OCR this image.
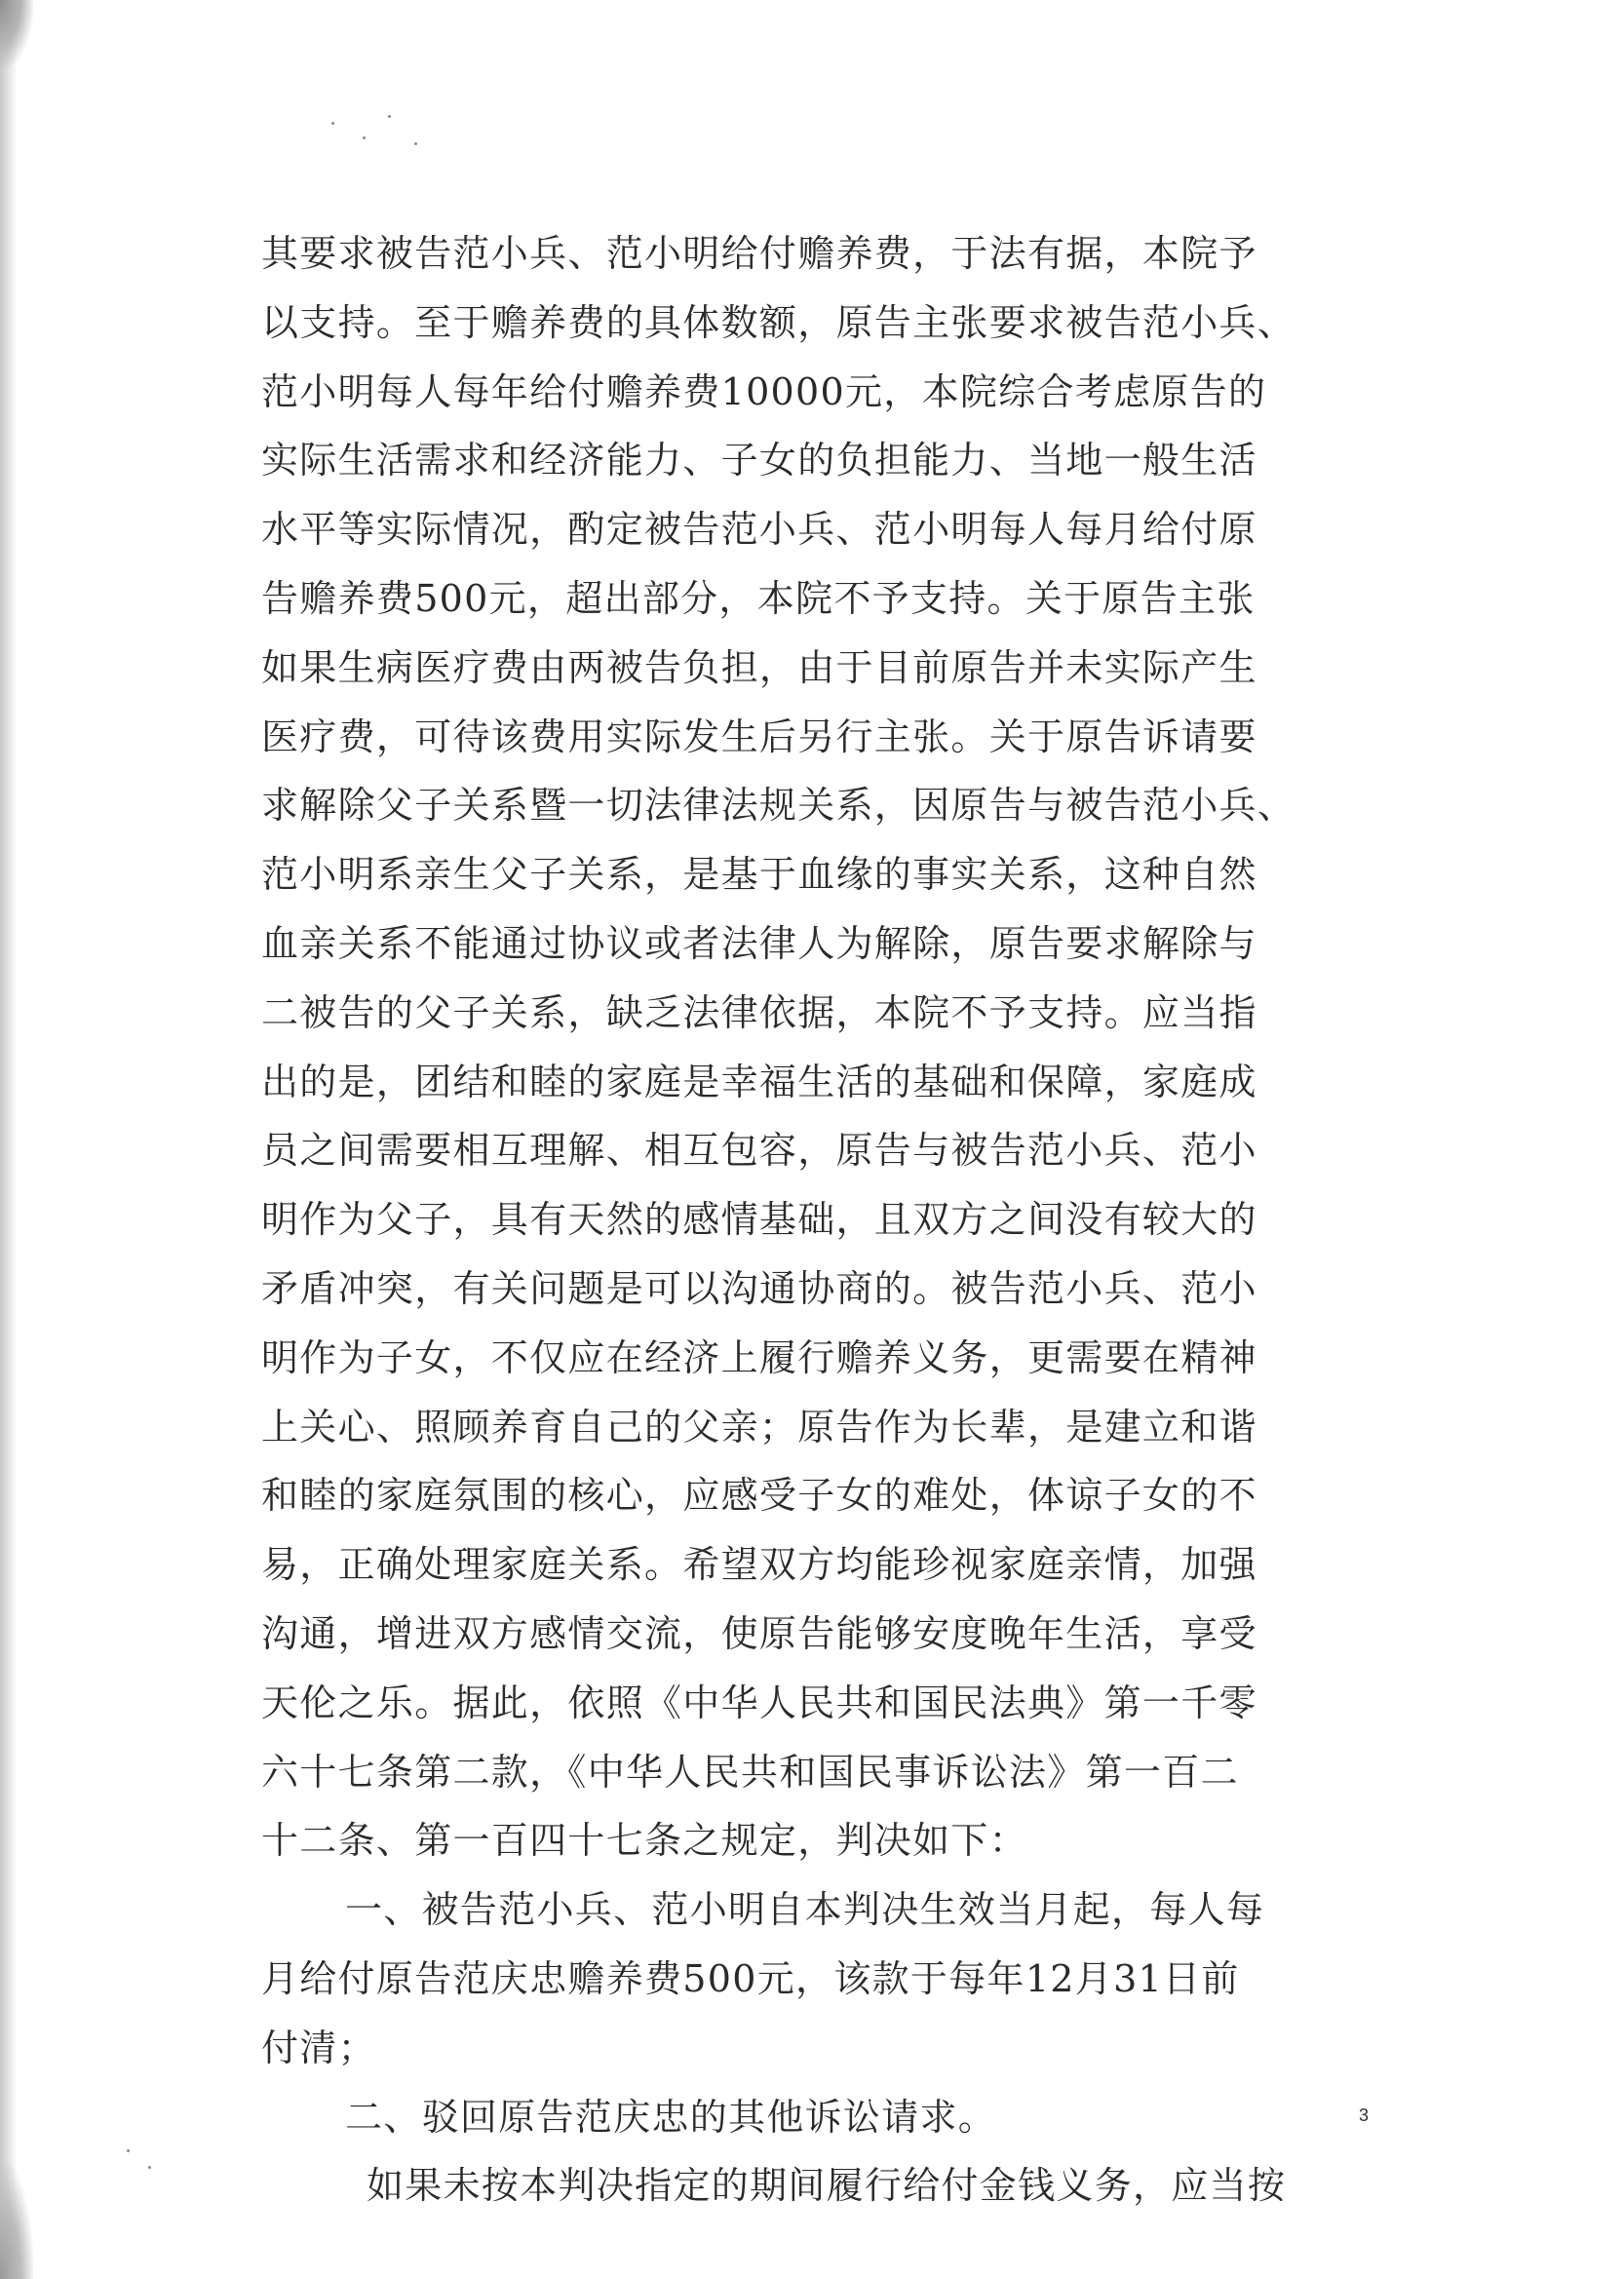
其要求被告范小兵、范小明给付赡养费，于法有据，本院予
以支持。至于赡养费的具体数额，原告主张要求被告范小兵、
范小明每人每年给付赡养费10000元，本院综合考虑原告的
实际生活需求和经济能力、子女的负担能力、当地一般生活
水平等实际情况，酌定被告范小兵、范小明每人每月给付原
告赡养费500元，超出部分，本院不予支持。关于原告主张
如果生病医疗费由两被告负担，由于目前原告并未实际产生
医疗费，可待该费用实际发生后另行主张。关于原告诉请要
求解除父子关系暨一切法律法规关系，因原告与被告范小兵、
范小明系亲生父子关系，是基于血缘的事实关系，这种自然
血亲关系不能通过协议或者法律人为解除，原告要求解除与
二被告的父子关系，缺乏法律依据，本院不予支持。应当指
出的是，团结和睦的家庭是幸福生活的基础和保障，家庭成
员之间需要相互理解、相互包容，原告与被告范小兵、范小
明作为父子，具有天然的感情基础，且双方之间没有较大的
矛盾冲突，有关问题是可以沟通协商的。被告范小兵、范小
明作为子女，不仅应在经济上履行赡养义务，更需要在精神
上关心、照顾养育自己的父亲；原告作为长辈，是建立和谐
和睦的家庭氛围的核心，应感受子女的难处，体谅子女的不
易，正确处理家庭关系。希望双方均能珍视家庭亲情，加强
沟通，增进双方感情交流，使原告能够安度晚年生活，享受
天伦之乐。据此，依照《中华人民共和国民法典》第一千零
六十七条第二款，《中华人民共和国民事诉讼法》第一百二
十二条、第一百四十七条之规定，判决如下：
一、被告范小兵、范小明自本判决生效当月起，每人每
月给付原告范庆忠赡养费500元，该款于每年12月31日前
付清；
二、驳回原告范庆忠的其他诉讼请求。
如果未按本判决指定的期间履行给付金钱义务，应当按
3
